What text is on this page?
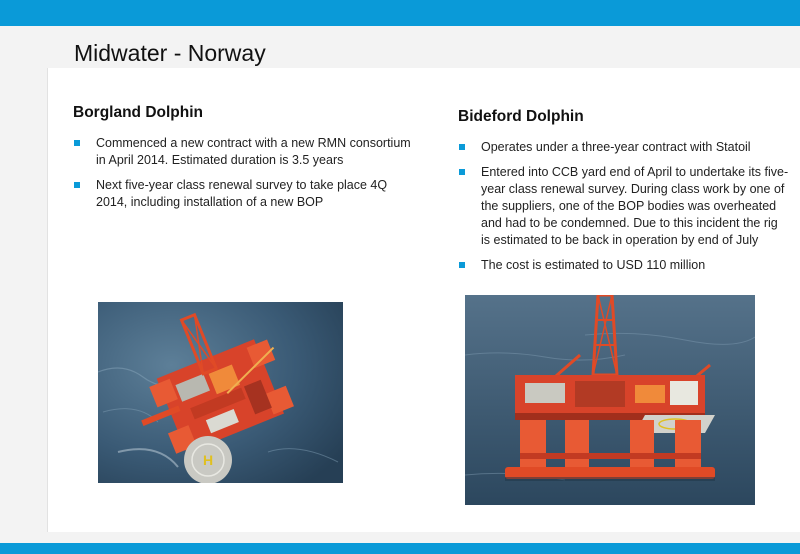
Midwater - Norway
Borgland Dolphin
Commenced a new contract with a new RMN consortium in April 2014. Estimated duration is 3.5 years
Next five-year class renewal survey to take place 4Q 2014, including installation of a new BOP
Bideford Dolphin
Operates under a three-year contract with Statoil
Entered into CCB yard end of April to undertake its five-year class renewal survey. During class work by one of the suppliers, one of the BOP bodies was overheated and had to be condemned. Due to this incident the rig is estimated to be back in operation by end of July
The cost is estimated to USD 110 million
H
